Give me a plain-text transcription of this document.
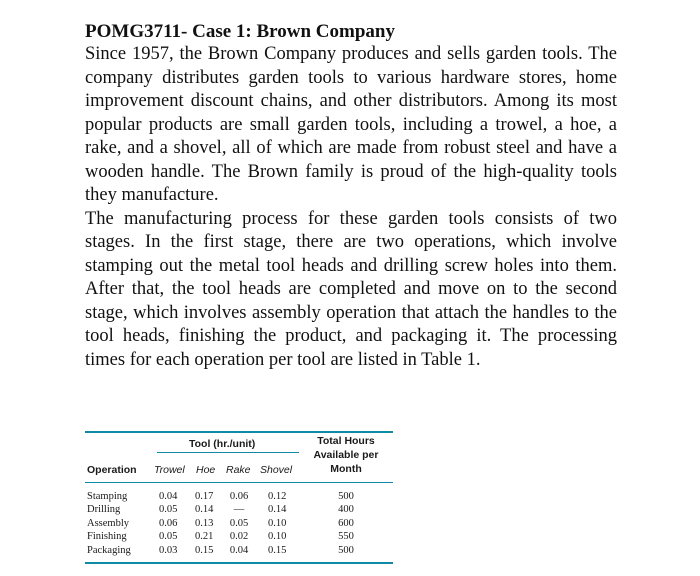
POMG3711- Case 1: Brown Company

Since 1957, the Brown Company produces and sells garden tools. The company distributes garden tools to various hardware stores, home improvement discount chains, and other distributors. Among its most popular products are small garden tools, including a trowel, a hoe, a rake, and a shovel, all of which are made from robust steel and have a wooden handle. The Brown family is proud of the high-quality tools they manufacture.

The manufacturing process for these garden tools consists of two stages. In the first stage, there are two operations, which involve stamping out the metal tool heads and drilling screw holes into them. After that, the tool heads are completed and move on to the second stage, which involves assembly operation that attach the handles to the tool heads, finishing the product, and packaging it. The processing times for each operation per tool are listed in Table 1.

Tool (hr./unit)	Total Hours
Available per
Month
Operation Trowel Hoe Rake Shovel
Stamping
Drilling
Assembly
Finishing
Packaging
0.04
0.05
0.06
0.05
0.03
0.17
0.14
0.13
0.21
0.15
0.06
—
0.05
0.02
0.04
0.12
0.14
0.10
0.10
0.15
500
400
600
550
500
